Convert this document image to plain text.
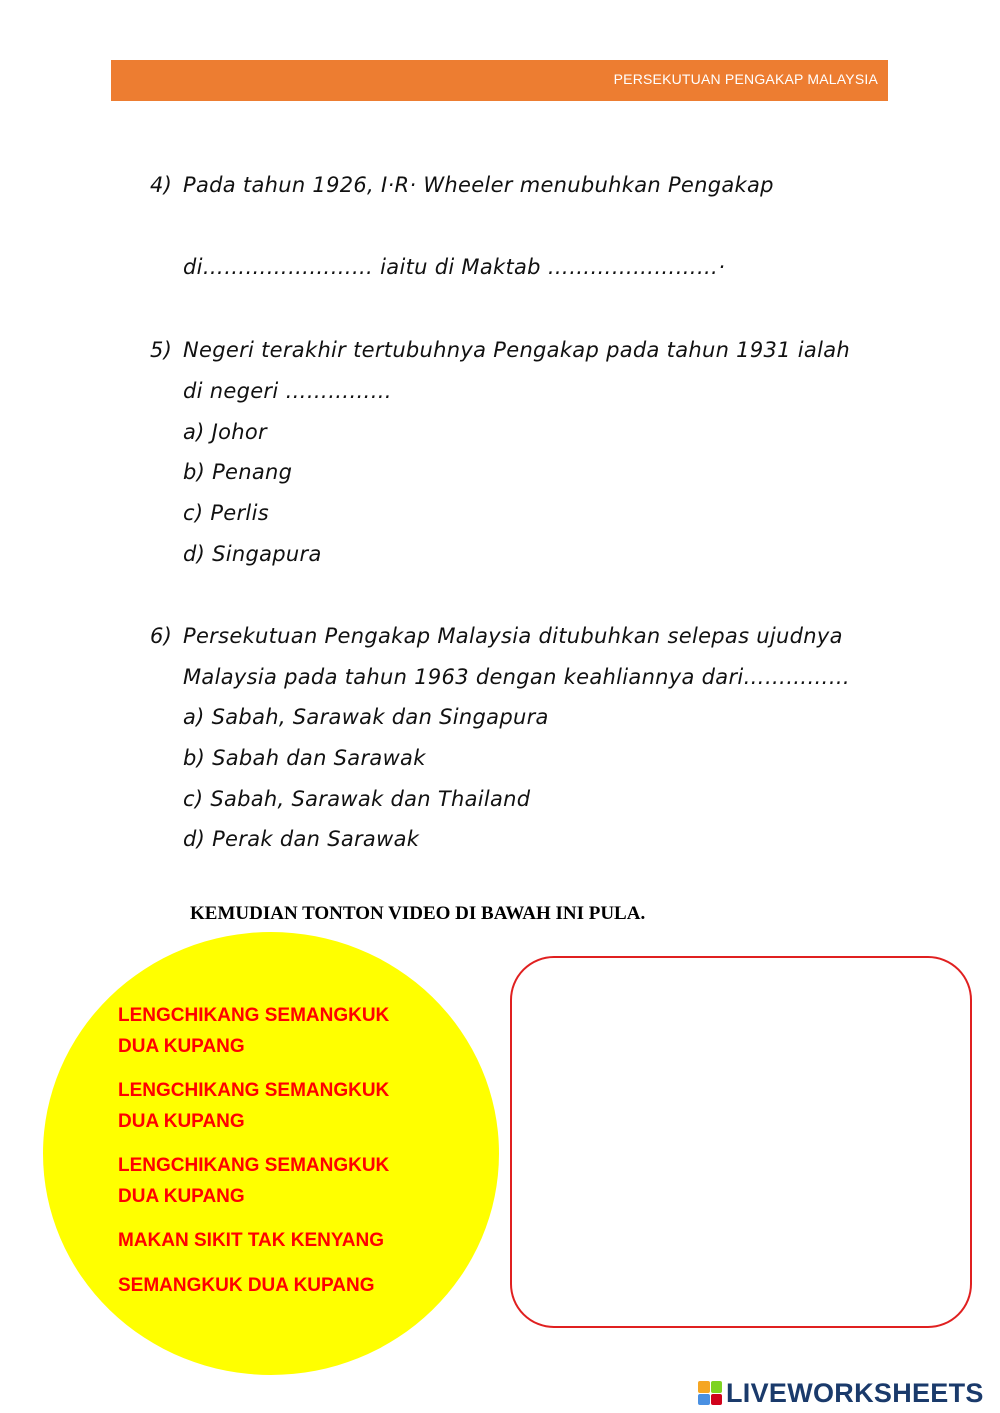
PERSEKUTUAN PENGAKAP MALAYSIA
4) Pada tahun 1926, I·R· Wheeler menubuhkan Pengakap
di…………………… iaitu di Maktab ……………………·
5) Negeri terakhir tertubuhnya Pengakap pada tahun 1931 ialah
di negeri ……………
a) Johor
b) Penang
c) Perlis
d) Singapura
6) Persekutuan Pengakap Malaysia ditubuhkan selepas ujudnya
Malaysia pada tahun 1963 dengan keahliannya dari……………
a) Sabah, Sarawak dan Singapura
b) Sabah dan Sarawak
c) Sabah, Sarawak dan Thailand
d) Perak dan Sarawak
KEMUDIAN TONTON VIDEO DI BAWAH INI PULA.
LENGCHIKANG SEMANGKUK
DUA KUPANG
LENGCHIKANG SEMANGKUK
DUA KUPANG
LENGCHIKANG SEMANGKUK
DUA KUPANG
MAKAN SIKIT TAK KENYANG
SEMANGKUK DUA KUPANG
LIVEWORKSHEETS
